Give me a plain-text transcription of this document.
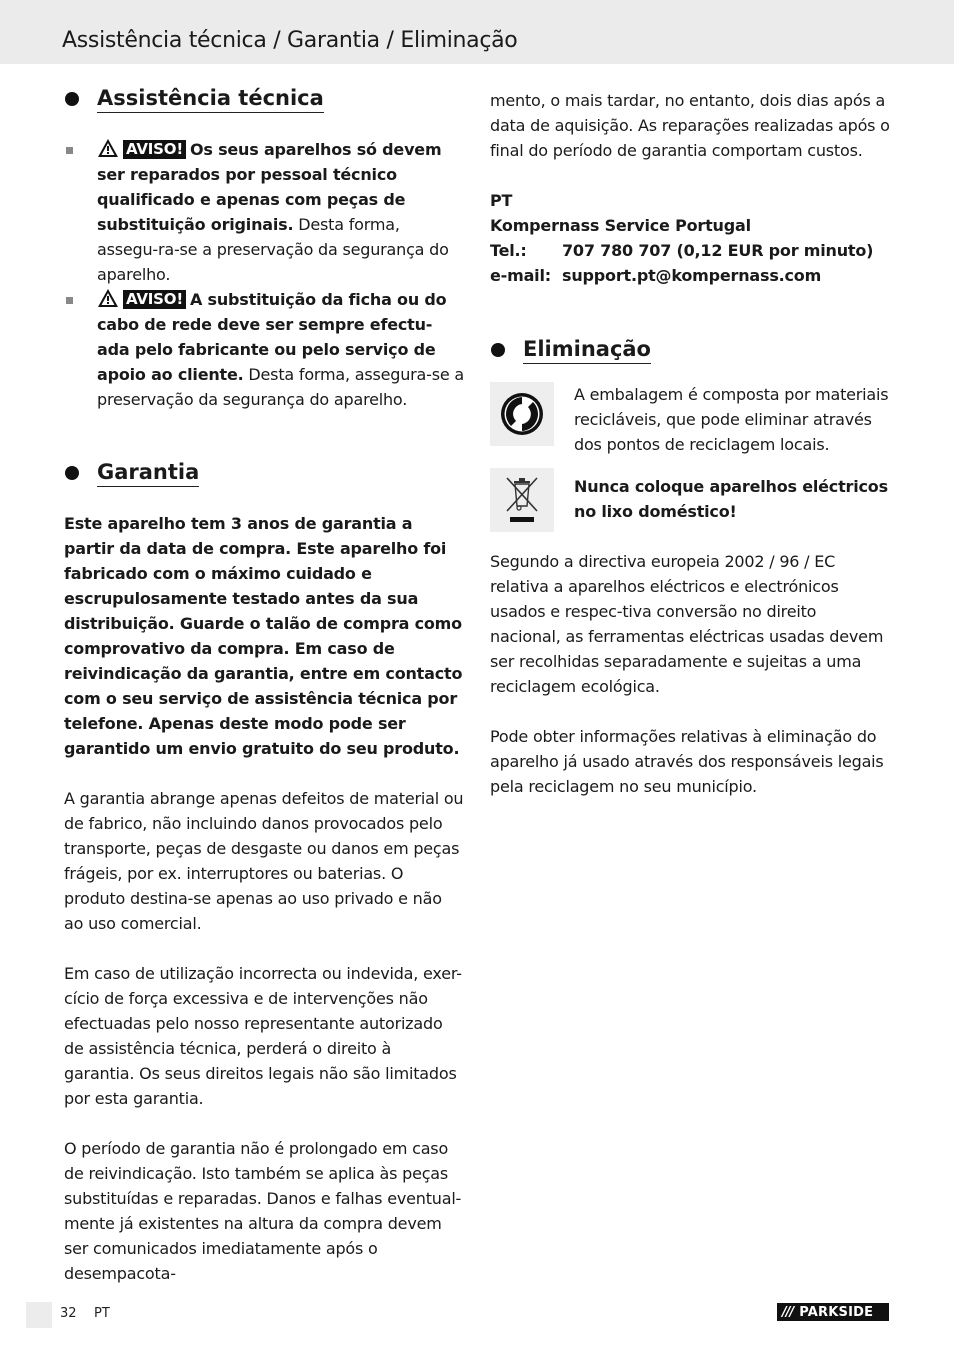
Assistência técnica / Garantia / Eliminação
Assistência técnica
AVISO! Os seus aparelhos só devem ser reparados por pessoal técnico qualificado e apenas com peças de substituição originais. Desta forma, assegu-ra-se a preservação da segurança do aparelho.
AVISO! A substituição da ficha ou do cabo de rede deve ser sempre efectu-ada pelo fabricante ou pelo serviço de apoio ao cliente. Desta forma, assegura-se a preservação da segurança do aparelho.
Garantia
Este aparelho tem 3 anos de garantia a partir da data de compra. Este aparelho foi fabricado com o máximo cuidado e escrupulosamente testado antes da sua distribuição. Guarde o talão de compra como comprovativo da compra. Em caso de reivindicação da garantia, entre em contacto com o seu serviço de assistência técnica por telefone. Apenas deste modo pode ser garantido um envio gratuito do seu produto.
A garantia abrange apenas defeitos de material ou de fabrico, não incluindo danos provocados pelo transporte, peças de desgaste ou danos em peças frágeis, por ex. interruptores ou baterias. O produto destina-se apenas ao uso privado e não ao uso comercial.
Em caso de utilização incorrecta ou indevida, exer-cício de força excessiva e de intervenções não efectuadas pelo nosso representante autorizado de assistência técnica, perderá o direito à garantia. Os seus direitos legais não são limitados por esta garantia.
O período de garantia não é prolongado em caso de reivindicação. Isto também se aplica às peças substituídas e reparadas. Danos e falhas eventual-mente já existentes na altura da compra devem ser comunicados imediatamente após o desempacota-
mento, o mais tardar, no entanto, dois dias após a data de aquisição. As reparações realizadas após o final do período de garantia comportam custos.
PT
Kompernass Service Portugal
Tel.:	707 780 707 (0,12 EUR por minuto)
e-mail: support.pt@kompernass.com
Eliminação
A embalagem é composta por materiais recicláveis, que pode eliminar através dos pontos de reciclagem locais.
Nunca coloque aparelhos eléctricos no lixo doméstico!
Segundo a directiva europeia 2002 / 96 / EC relativa a aparelhos eléctricos e electrónicos usados e respec-tiva conversão no direito nacional, as ferramentas eléctricas usadas devem ser recolhidas separadamente e sujeitas a uma reciclagem ecológica.
Pode obter informações relativas à eliminação do aparelho já usado através dos responsáveis legais pela reciclagem no seu município.
32 PT	/// PARKSIDE
